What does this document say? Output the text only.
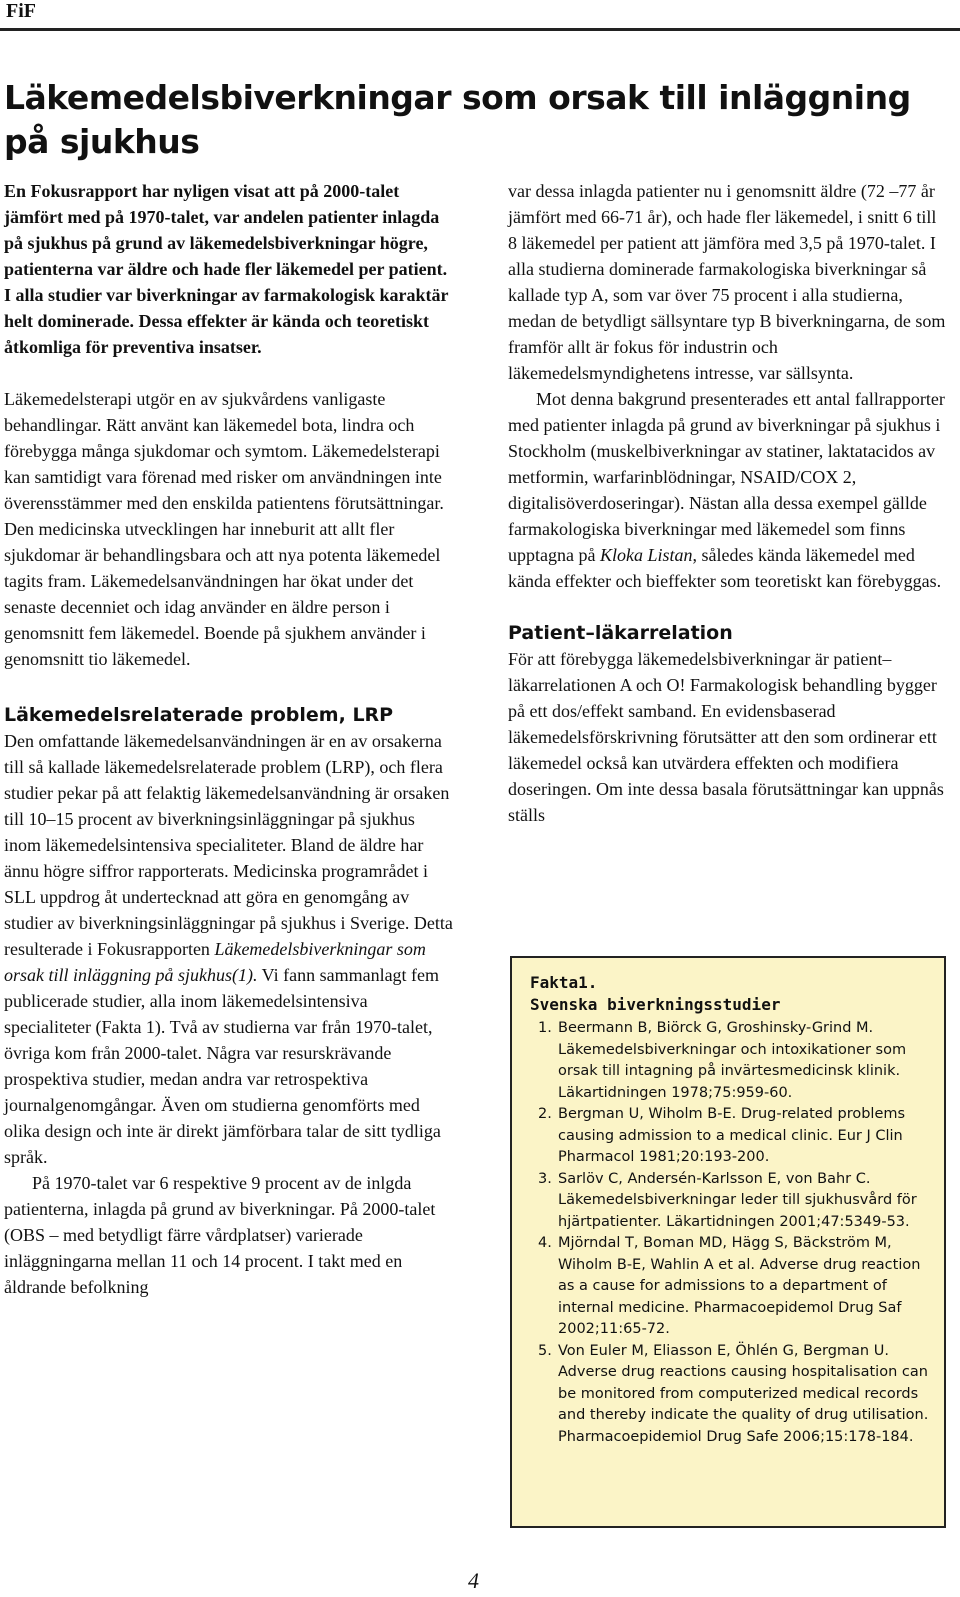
FiF
Läkemedelsbiverkningar som orsak till inläggning på sjukhus

En Fokusrapport har nyligen visat att på 2000-talet jämfört med på 1970-talet, var andelen patienter inlagda på sjukhus på grund av läkemedelsbiverkningar högre, patienterna var äldre och hade fler läkemedel per patient. I alla studier var biverkningar av farmakologisk karaktär helt dominerade. Dessa effekter är kända och teoretiskt åtkomliga för preventiva insatser.

Läkemedelsterapi utgör en av sjukvårdens vanligaste behandlingar. Rätt använt kan läkemedel bota, lindra och förebygga många sjukdomar och symtom. Läkemedelsterapi kan samtidigt vara förenad med risker om användningen inte överensstämmer med den enskilda patientens förutsättningar. Den medicinska utvecklingen har inneburit att allt fler sjukdomar är behandlingsbara och att nya potenta läkemedel tagits fram. Läkemedelsanvändningen har ökat under det senaste decenniet och idag använder en äldre person i genomsnitt fem läkemedel. Boende på sjukhem använder i genomsnitt tio läkemedel.

Läkemedelsrelaterade problem, LRP

Den omfattande läkemedelsanvändningen är en av orsakerna till så kallade läkemedelsrelaterade problem (LRP), och flera studier pekar på att felaktig läkemedelsanvändning är orsaken till 10–15 procent av biverkningsinläggningar på sjukhus inom läkemedelsintensiva specialiteter. Bland de äldre har ännu högre siffror rapporterats. Medicinska programrådet i SLL uppdrog åt undertecknad att göra en genomgång av studier av biverkningsinläggningar på sjukhus i Sverige. Detta resulterade i Fokusrapporten Läkemedelsbiverkningar som orsak till inläggning på sjukhus(1). Vi fann sammanlagt fem publicerade studier, alla inom läkemedelsintensiva specialiteter (Fakta 1). Två av studierna var från 1970-talet, övriga kom från 2000-talet. Några var resurskrävande prospektiva studier, medan andra var retrospektiva journalgenomgångar. Även om studierna genomförts med olika design och inte är direkt jämförbara talar de sitt tydliga språk.

På 1970-talet var 6 respektive 9 procent av de inlgda patienterna, inlagda på grund av biverkningar. På 2000-talet (OBS – med betydligt färre vårdplatser) varierade inläggningarna mellan 11 och 14 procent. I takt med en åldrande befolkning

var dessa inlagda patienter nu i genomsnitt äldre (72 –77 år jämfört med 66-71 år), och hade fler läkemedel, i snitt 6 till 8 läkemedel per patient att jämföra med 3,5 på 1970-talet. I alla studierna dominerade farmakologiska biverkningar så kallade typ A, som var över 75 procent i alla studierna, medan de betydligt sällsyntare typ B biverkningarna, de som framför allt är fokus för industrin och läkemedelsmyndighetens intresse, var sällsynta.

Mot denna bakgrund presenterades ett antal fallrapporter med patienter inlagda på grund av biverkningar på sjukhus i Stockholm (muskelbiverkningar av statiner, laktatacidos av metformin, warfarinblödningar, NSAID/COX 2, digitalisöverdoseringar). Nästan alla dessa exempel gällde farmakologiska biverkningar med läkemedel som finns upptagna på Kloka Listan, således kända läkemedel med kända effekter och bieffekter som teoretiskt kan förebyggas.

Patient–läkarrelation

För att förebygga läkemedelsbiverkningar är patient–läkarrelationen A och O! Farmakologisk behandling bygger på ett dos/effekt samband. En evidensbaserad läkemedelsförskrivning förutsätter att den som ordinerar ett läkemedel också kan utvärdera effekten och modifiera doseringen. Om inte dessa basala förutsättningar kan uppnås ställs

Fakta1.
Svenska biverkningsstudier
1. Beermann B, Biörck G, Groshinsky-Grind M. Läkemedelsbiverkningar och intoxikationer som orsak till intagning på invärtesmedicinsk klinik. Läkartidningen 1978;75:959-60.
2. Bergman U, Wiholm B-E. Drug-related problems causing admission to a medical clinic. Eur J Clin Pharmacol 1981;20:193-200.
3. Sarlöv C, Andersén-Karlsson E, von Bahr C. Läkemedelsbiverkningar leder till sjukhusvård för hjärtpatienter. Läkartidningen 2001;47:5349-53.
4. Mjörndal T, Boman MD, Hägg S, Bäckström M, Wiholm B-E, Wahlin A et al. Adverse drug reaction as a cause for admissions to a department of internal medicine. Pharmacoepidemol Drug Saf 2002;11:65-72.
5. Von Euler M, Eliasson E, Öhlén G, Bergman U. Adverse drug reactions causing hospitalisation can be monitored from computerized medical records and thereby indicate the quality of drug utilisation. Pharmacoepidemiol Drug Safe 2006;15:178-184.
4
